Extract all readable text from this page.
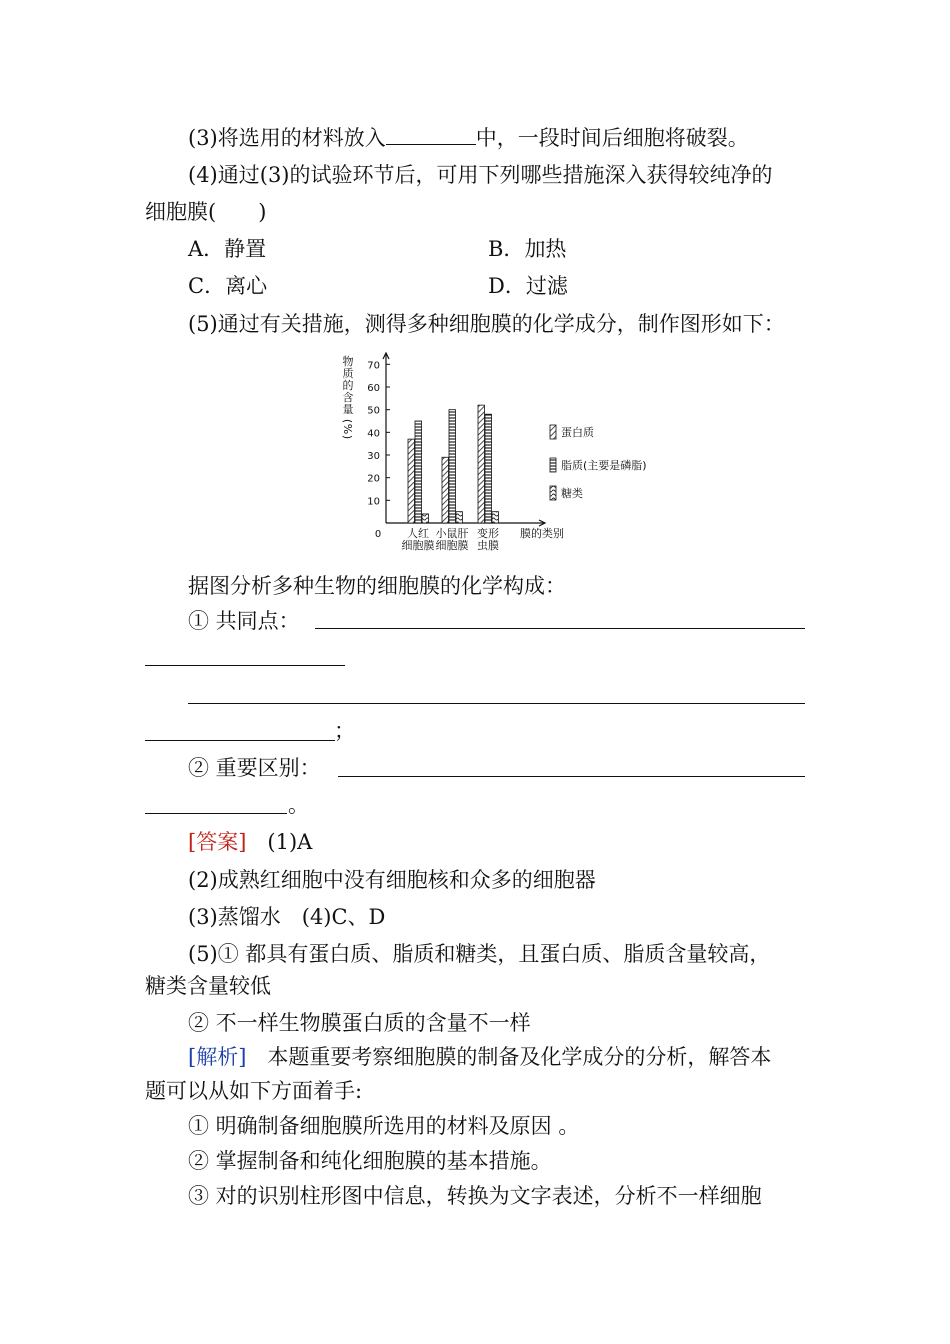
(3)将选用的材料放入	中，一段时间后细胞将破裂。
(4)通过(3)的试验环节后，可用下列哪些措施深入获得较纯净的
细胞膜(　　)
A．静置	B．加热
C．离心	D．过滤
(5)通过有关措施，测得多种细胞膜的化学成分，制作图形如下：
物
质
的
含
量
(
%
)
0
10
20
30
40
50
60
70
人红
细胞膜
小鼠肝
细胞膜
变形
虫膜
膜的类别
蛋白质
脂质(主要是磷脂)
糖类
据图分析多种生物的细胞膜的化学构成：
① 共同点：
；
② 重要区别：
。
[答案]　 (1)A
(2)成熟红细胞中没有细胞核和众多的细胞器
(3)蒸馏水　(4)C、D
(5)① 都具有蛋白质、脂质和糖类，且蛋白质、脂质含量较高，
糖类含量较低
② 不一样生物膜蛋白质的含量不一样
[解析]　本题重要考察细胞膜的制备及化学成分的分析，解答本
题可以从如下方面着手:
① 明确制备细胞膜所选用的材料及原因 。
② 掌握制备和纯化细胞膜的基本措施。
③ 对的识别柱形图中信息，转换为文字表述，分析不一样细胞
